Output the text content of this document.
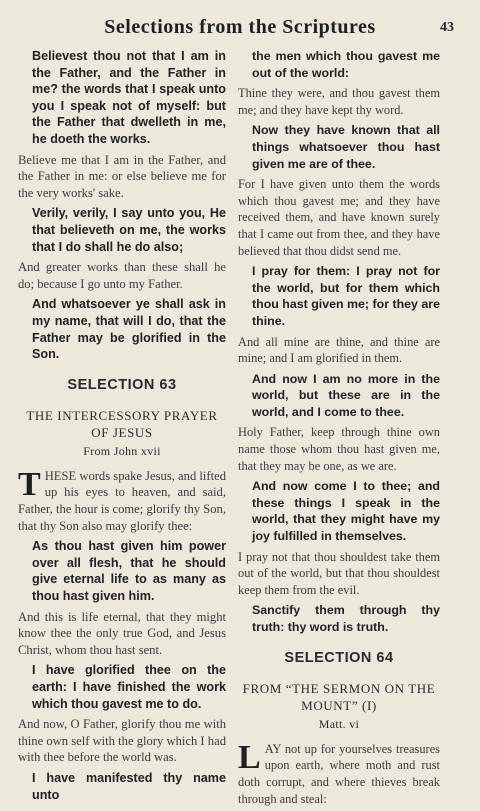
Selections from the Scriptures	43

Believest thou not that I am in the Father, and the Father in me? the words that I speak unto you I speak not of myself: but the Father that dwelleth in me, he doeth the works.

Believe me that I am in the Father, and the Father in me: or else believe me for the very works' sake.

Verily, verily, I say unto you, He that believeth on me, the works that I do shall he do also;

And greater works than these shall he do; because I go unto my Father.

And whatsoever ye shall ask in my name, that will I do, that the Father may be glorified in the Son.

SELECTION 63
THE INTERCESSORY PRAYER OF JESUS
From John xvii

T HESE words spake Jesus, and lifted up his eyes to heaven, and said, Father, the hour is come; glorify thy Son, that thy Son also may glorify thee:

As thou hast given him power over all flesh, that he should give eternal life to as many as thou hast given him.

And this is life eternal, that they might know thee the only true God, and Jesus Christ, whom thou hast sent.

I have glorified thee on the earth: I have finished the work which thou gavest me to do.

And now, O Father, glorify thou me with thine own self with the glory which I had with thee before the world was.

I have manifested thy name unto

the men which thou gavest me out of the world:

Thine they were, and thou gavest them me; and they have kept thy word.

Now they have known that all things whatsoever thou hast given me are of thee.

For I have given unto them the words which thou gavest me; and they have received them, and have known surely that I came out from thee, and they have believed that thou didst send me.

I pray for them: I pray not for the world, but for them which thou hast given me; for they are thine.

And all mine are thine, and thine are mine; and I am glorified in them.

And now I am no more in the world, but these are in the world, and I come to thee.

Holy Father, keep through thine own name those whom thou hast given me, that they may be one, as we are.

And now come I to thee; and these things I speak in the world, that they might have my joy fulfilled in themselves.

I pray not that thou shouldest take them out of the world, but that thou shouldest keep them from the evil.

Sanctify them through thy truth: thy word is truth.

SELECTION 64
FROM “THE SERMON ON THE MOUNT” (I)
Matt. vi

L AY not up for yourselves treasures upon earth, where moth and rust doth corrupt, and where thieves break through and steal:
